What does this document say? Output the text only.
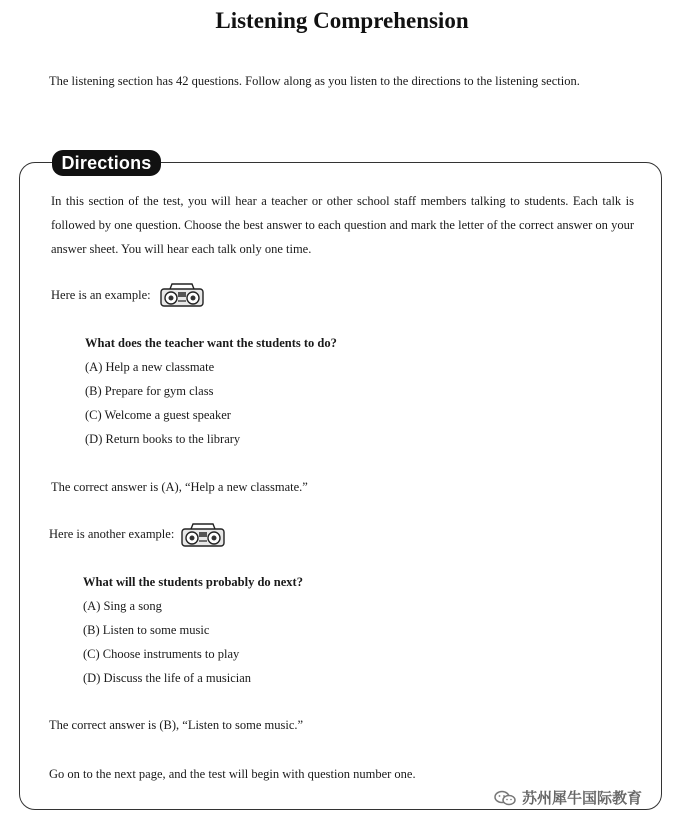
Listening Comprehension
The listening section has 42 questions. Follow along as you listen to the directions to the listening section.
Directions
In this section of the test, you will hear a teacher or other school staff members talking to students. Each talk is followed by one question. Choose the best answer to each question and mark the letter of the correct answer on your answer sheet. You will hear each talk only one time.
Here is an example:
What does the teacher want the students to do?
(A) Help a new classmate
(B) Prepare for gym class
(C) Welcome a guest speaker
(D) Return books to the library
The correct answer is (A), “Help a new classmate.”
Here is another example:
What will the students probably do next?
(A) Sing a song
(B) Listen to some music
(C) Choose instruments to play
(D) Discuss the life of a musician
The correct answer is (B), “Listen to some music.”
Go on to the next page, and the test will begin with question number one.
苏州犀牛国际教育
